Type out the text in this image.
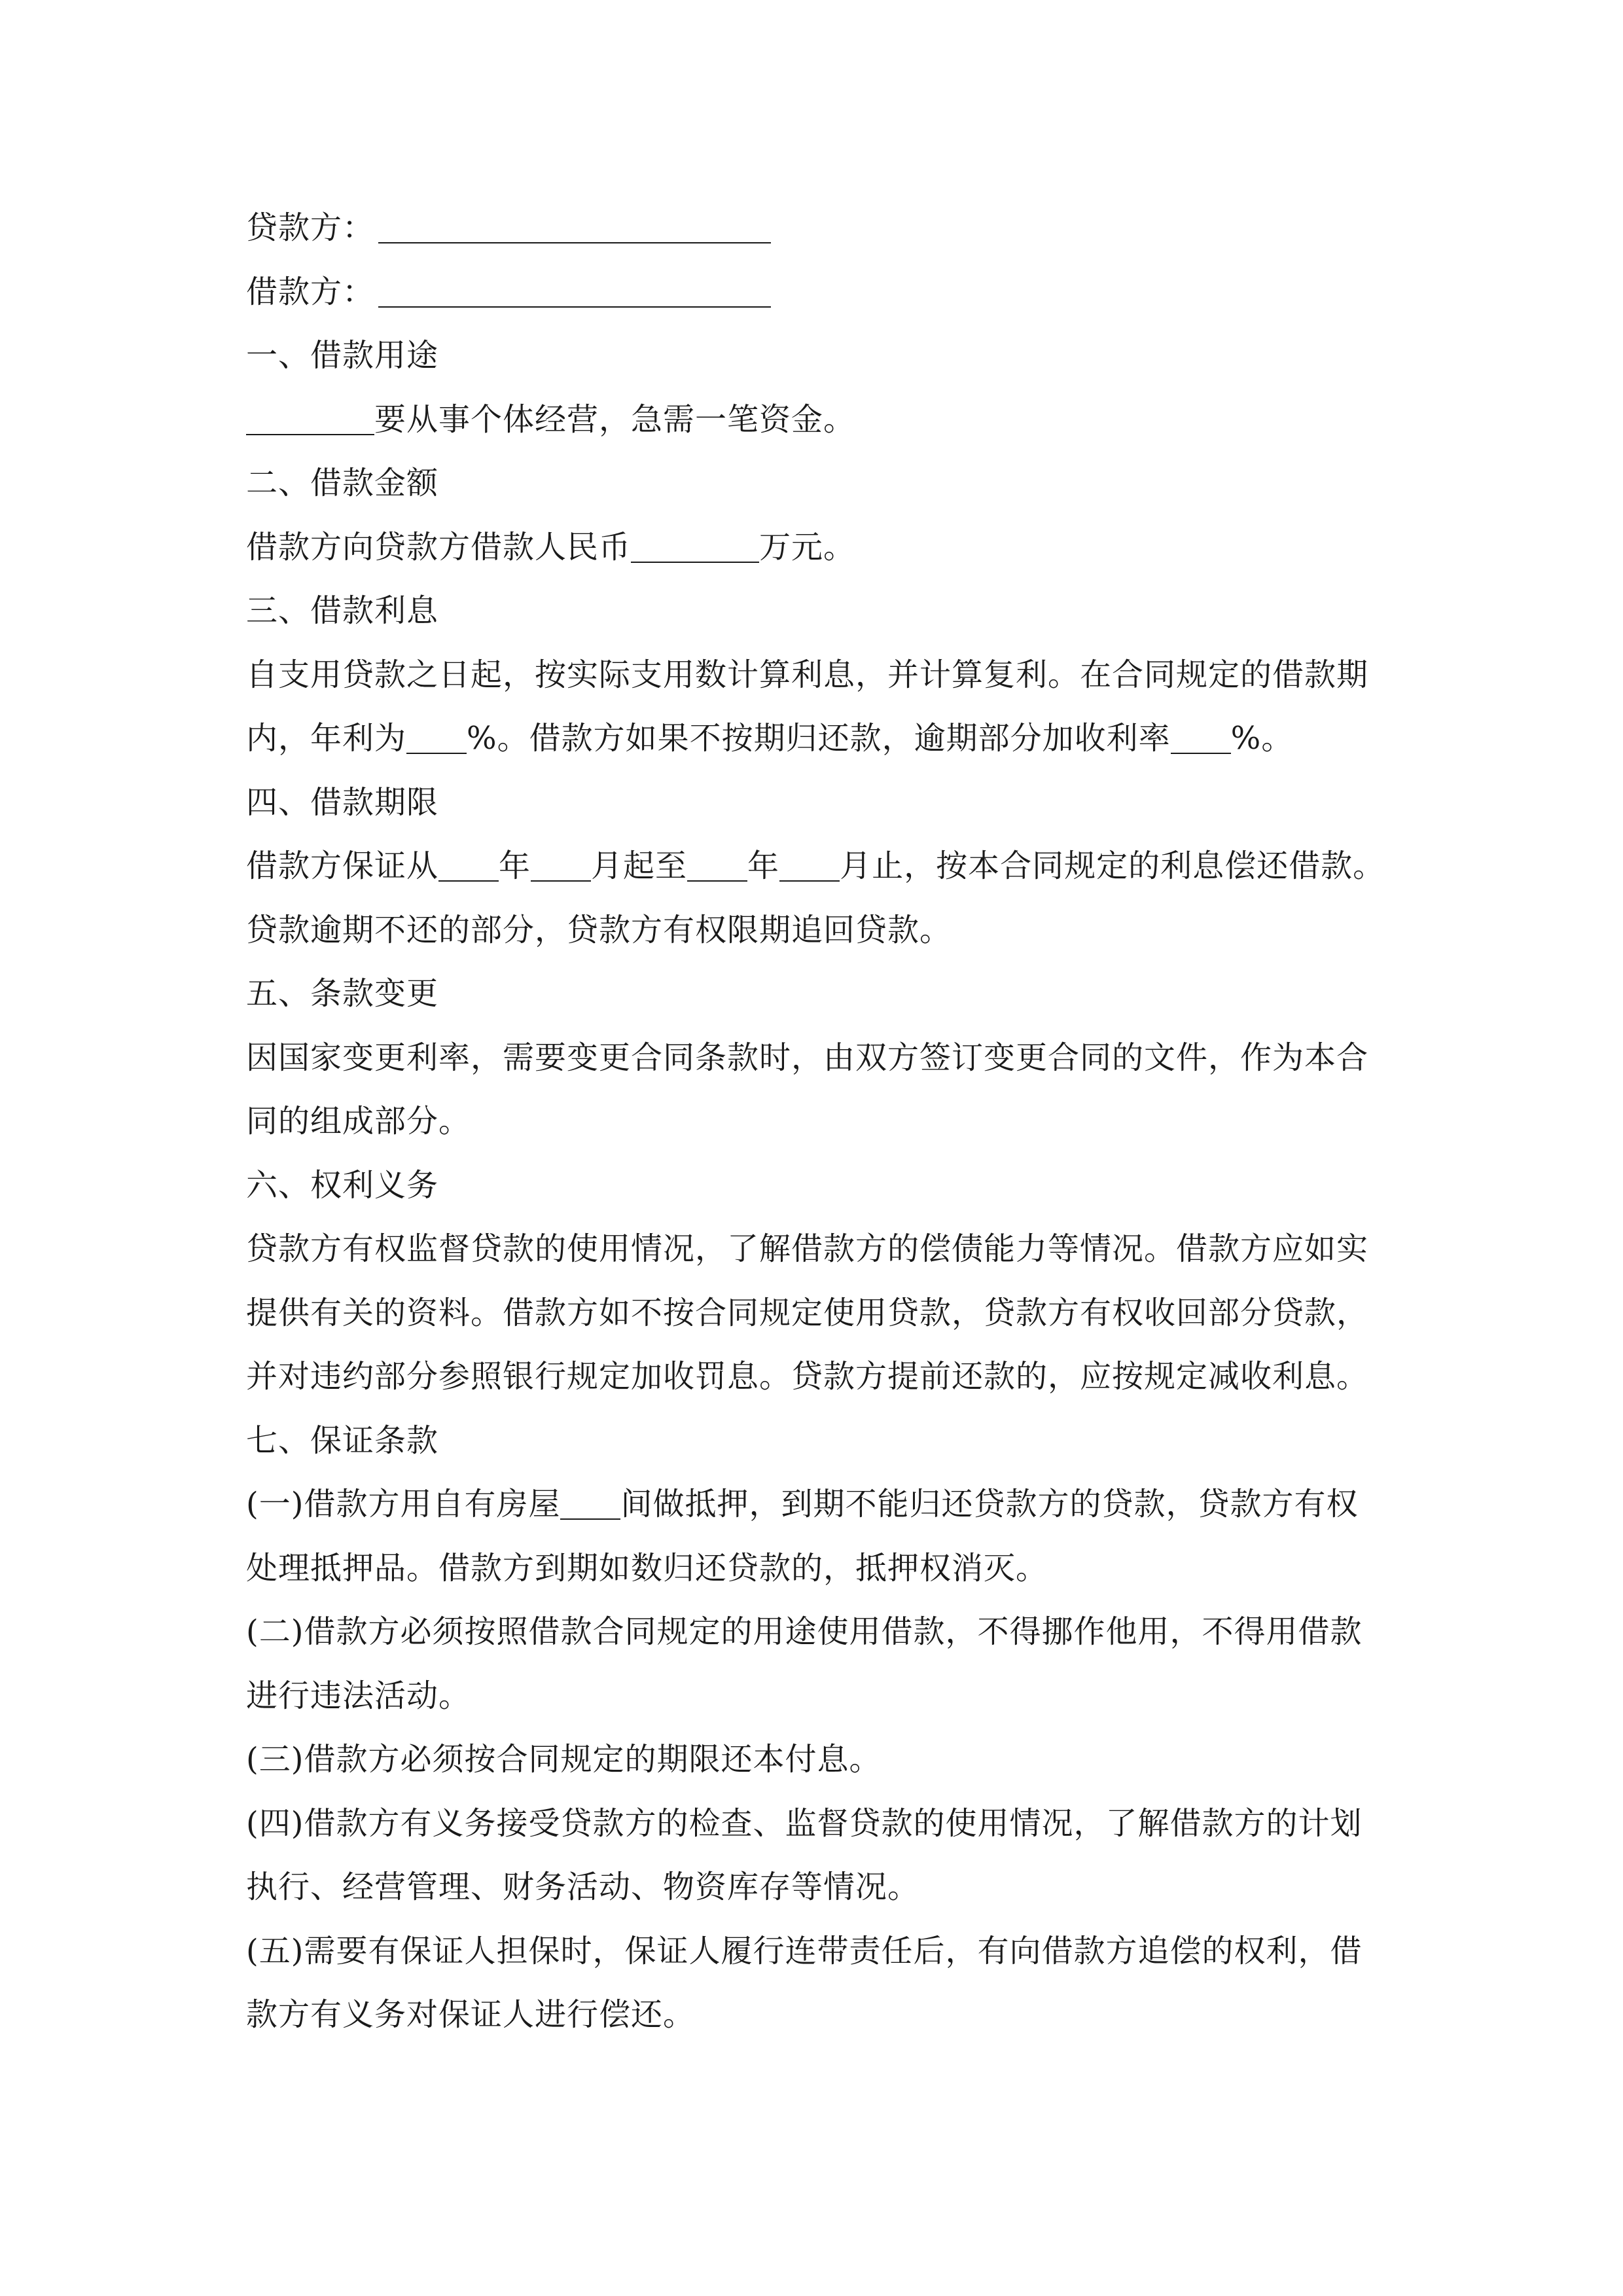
贷款方：
借款方：
一、借款用途
要从事个体经营，急需一笔资金。
二、借款金额
借款方向贷款方借款人民币	万元。
三、借款利息
自支用贷款之日起，按实际支用数计算利息，并计算复利。在合同规定的借款期
内，年利为 %。借款方如果不按期归还款，逾期部分加收利率 %。
四、借款期限
借款方保证从 年 月起至 年 月止，按本合同规定的利息偿还借款。
贷款逾期不还的部分，贷款方有权限期追回贷款。
五、条款变更
因国家变更利率，需要变更合同条款时，由双方签订变更合同的文件，作为本合
同的组成部分。
六、权利义务
贷款方有权监督贷款的使用情况，了解借款方的偿债能力等情况。借款方应如实
提供有关的资料。借款方如不按合同规定使用贷款，贷款方有权收回部分贷款，
并对违约部分参照银行规定加收罚息。贷款方提前还款的，应按规定减收利息。
七、保证条款
(一)借款方用自有房屋 间做抵押，到期不能归还贷款方的贷款，贷款方有权
处理抵押品。借款方到期如数归还贷款的，抵押权消灭。
(二)借款方必须按照借款合同规定的用途使用借款，不得挪作他用，不得用借款
进行违法活动。
(三)借款方必须按合同规定的期限还本付息。
(四)借款方有义务接受贷款方的检查、监督贷款的使用情况，了解借款方的计划
执行、经营管理、财务活动、物资库存等情况。
(五)需要有保证人担保时，保证人履行连带责任后，有向借款方追偿的权利，借
款方有义务对保证人进行偿还。
